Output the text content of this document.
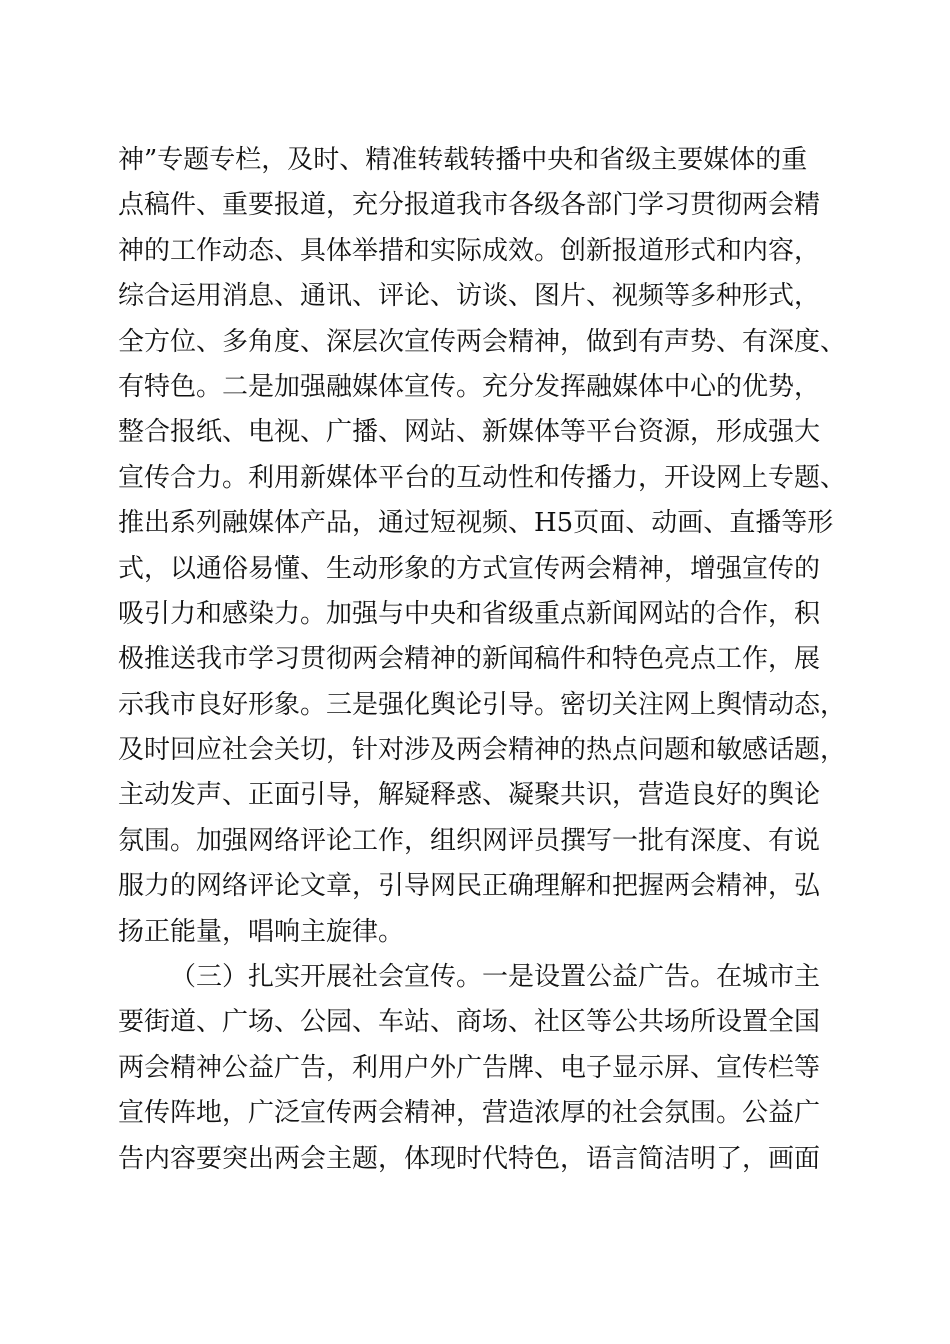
神”专题专栏，及时、精准转载转播中央和省级主要媒体的重
点稿件、重要报道，充分报道我市各级各部门学习贯彻两会精
神的工作动态、具体举措和实际成效。创新报道形式和内容，
综合运用消息、通讯、评论、访谈、图片、视频等多种形式，
全方位、多角度、深层次宣传两会精神，做到有声势、有深度、
有特色。二是加强融媒体宣传。充分发挥融媒体中心的优势，
整合报纸、电视、广播、网站、新媒体等平台资源，形成强大
宣传合力。利用新媒体平台的互动性和传播力，开设网上专题、
推出系列融媒体产品，通过短视频、H5页面、动画、直播等形
式，以通俗易懂、生动形象的方式宣传两会精神，增强宣传的
吸引力和感染力。加强与中央和省级重点新闻网站的合作，积
极推送我市学习贯彻两会精神的新闻稿件和特色亮点工作，展
示我市良好形象。三是强化舆论引导。密切关注网上舆情动态，
及时回应社会关切，针对涉及两会精神的热点问题和敏感话题，
主动发声、正面引导，解疑释惑、凝聚共识，营造良好的舆论
氛围。加强网络评论工作，组织网评员撰写一批有深度、有说
服力的网络评论文章，引导网民正确理解和把握两会精神，弘
扬正能量，唱响主旋律。
（三）扎实开展社会宣传。一是设置公益广告。在城市主
要街道、广场、公园、车站、商场、社区等公共场所设置全国
两会精神公益广告，利用户外广告牌、电子显示屏、宣传栏等
宣传阵地，广泛宣传两会精神，营造浓厚的社会氛围。公益广
告内容要突出两会主题，体现时代特色，语言简洁明了，画面
